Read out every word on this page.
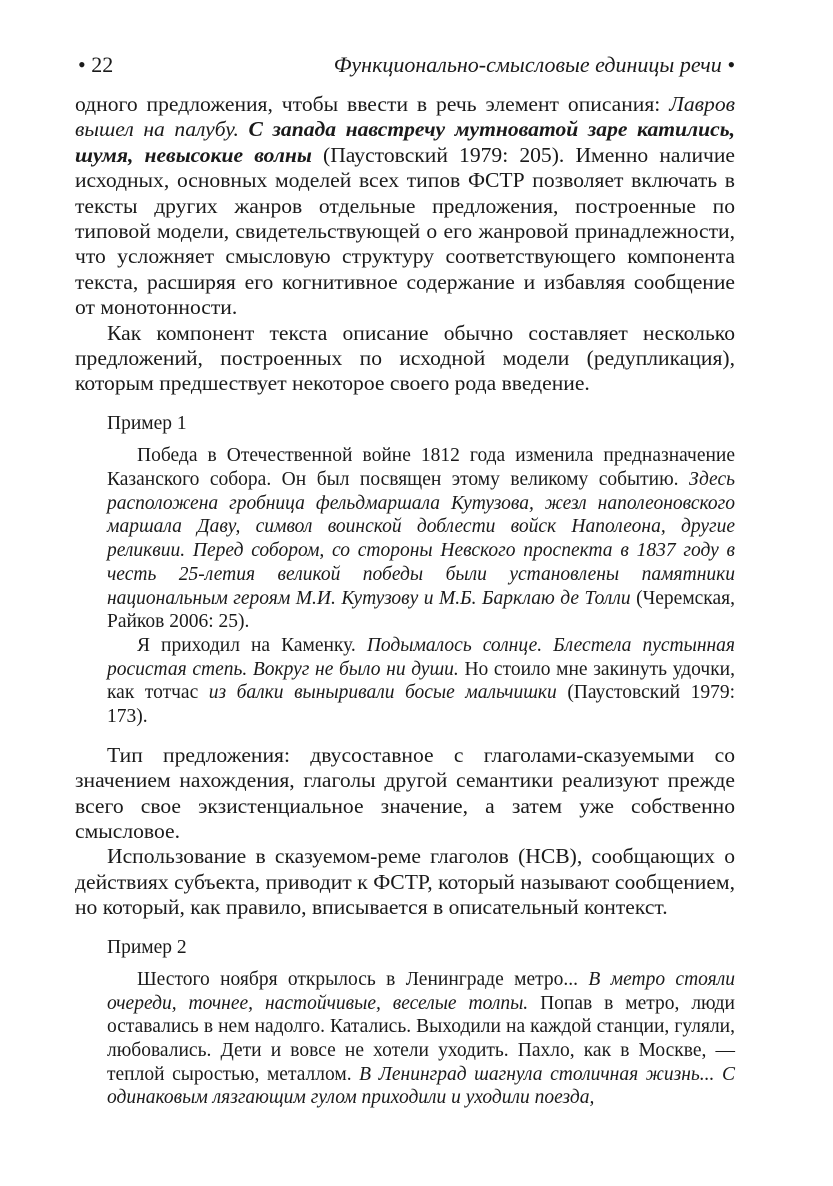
• 22	Функционально-смысловые единицы речи •

одного предложения, чтобы ввести в речь элемент описания: Лавров вышел на палубу. С запада навстречу мутноватой заре катились, шумя, невысокие волны (Паустовский 1979: 205). Именно наличие исходных, основных моделей всех типов ФСТР позволяет включать в тексты других жанров отдельные предложения, построенные по типовой модели, свидетельствующей о его жанровой принадлежности, что усложняет смысловую структуру соответствующего компонента текста, расширяя его когнитивное содержание и избавляя сообщение от монотонности.

Как компонент текста описание обычно составляет несколько предложений, построенных по исходной модели (редупликация), которым предшествует некоторое своего рода введение.

Пример 1

Победа в Отечественной войне 1812 года изменила предназначение Казанского собора. Он был посвящен этому великому событию. Здесь расположена гробница фельдмаршала Кутузова, жезл наполеоновского маршала Даву, символ воинской доблести войск Наполеона, другие реликвии. Перед собором, со стороны Невского проспекта в 1837 году в честь 25-летия великой победы были установлены памятники национальным героям М.И. Кутузову и М.Б. Барклаю де Толли (Черемская, Райков 2006: 25).

Я приходил на Каменку. Подымалось солнце. Блестела пустынная росистая степь. Вокруг не было ни души. Но стоило мне закинуть удочки, как тотчас из балки выныривали босые мальчишки (Паустовский 1979: 173).

Тип предложения: двусоставное с глаголами-сказуемыми со значением нахождения, глаголы другой семантики реализуют прежде всего свое экзистенциальное значение, а затем уже собственно смысловое.

Использование в сказуемом-реме глаголов (НСВ), сообщающих о действиях субъекта, приводит к ФСТР, который называют сообщением, но который, как правило, вписывается в описательный контекст.

Пример 2

Шестого ноября открылось в Ленинграде метро... В метро стояли очереди, точнее, настойчивые, веселые толпы. Попав в метро, люди оставались в нем надолго. Катались. Выходили на каждой станции, гуляли, любовались. Дети и вовсе не хотели уходить. Пахло, как в Москве, — теплой сыростью, металлом. В Ленинград шагнула столичная жизнь... С одинаковым лязгающим гулом приходили и уходили поезда,
